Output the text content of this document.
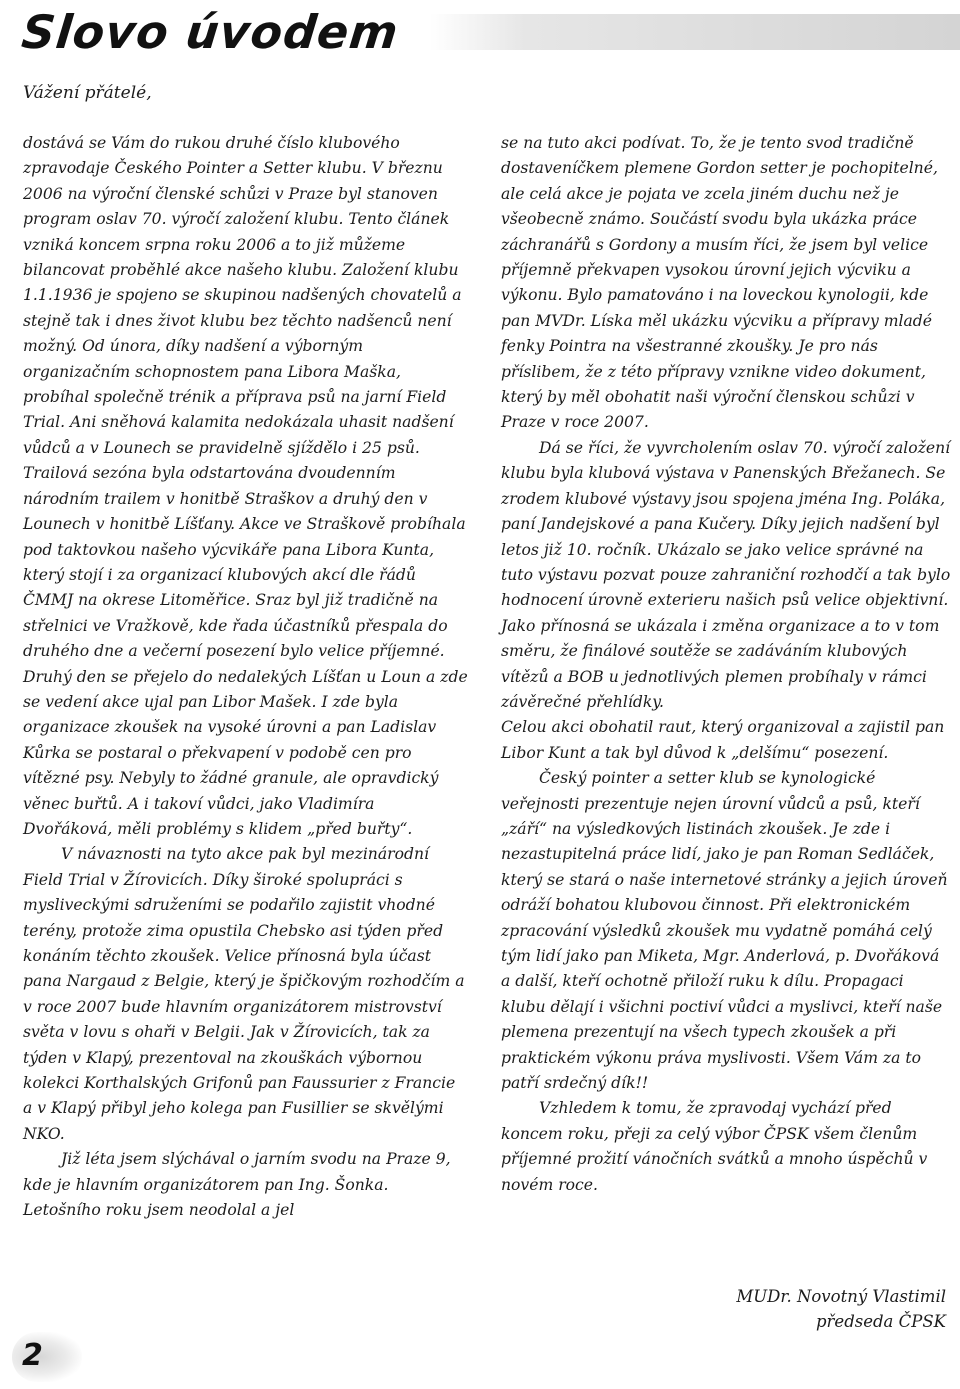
Slovo úvodem

Vážení přátelé,

dostává se Vám do rukou druhé číslo klubového zpravodaje Českého Pointer a Setter klubu. V březnu 2006 na výroční členské schůzi v Praze byl stanoven program oslav 70. výročí založení klubu. Tento článek vzniká koncem srpna roku 2006 a to již můžeme bilancovat proběhlé akce našeho klubu. Založení klubu 1.1.1936 je spojeno se skupinou nadšených chovatelů a stejně tak i dnes život klubu bez těchto nadšenců není možný. Od února, díky nadšení a výborným organizačním schopnostem pana Libora Maška, probíhal společně trénik a příprava psů na jarní Field Trial. Ani sněhová kalamita nedokázala uhasit nadšení vůdců a v Lounech se pravidelně sjíždělo i 25 psů. Trailová sezóna byla odstartována dvoudenním národním trailem v honitbě Straškov a druhý den v Lounech v honitbě Líšťany. Akce ve Straškově probíhala pod taktovkou našeho výcvikáře pana Libora Kunta, který stojí i za organizací klubových akcí dle řádů ČMMJ na okrese Litoměřice. Sraz byl již tradičně na střelnici ve Vražkově, kde řada účastníků přespala do druhého dne a večerní posezení bylo velice příjemné. Druhý den se přejelo do nedalekých Líšťan u Loun a zde se vedení akce ujal pan Libor Mašek. I zde byla organizace zkoušek na vysoké úrovni a pan Ladislav Kůrka se postaral o překvapení v podobě cen pro vítězné psy. Nebyly to žádné granule, ale opravdický věnec buřtů. A i takoví vůdci, jako Vladimíra Dvořáková, měli problémy s klidem „před buřty“.

V návaznosti na tyto akce pak byl mezinárodní Field Trial v Žírovicích. Díky široké spolupráci s mysliveckými sdruženími se podařilo zajistit vhodné terény, protože zima opustila Chebsko asi týden před konáním těchto zkoušek. Velice přínosná byla účast pana Nargaud z Belgie, který je špičkovým rozhodčím a v roce 2007 bude hlavním organizátorem mistrovství světa v lovu s ohaři v Belgii. Jak v Žírovicích, tak za týden v Klapý, prezentoval na zkouškách výbornou kolekci Korthalských Grifonů pan Faussurier z Francie a v Klapý přibyl jeho kolega pan Fusillier se skvělými NKO.

Již léta jsem slýchával o jarním svodu na Praze 9, kde je hlavním organizátorem pan Ing. Šonka. Letošního roku jsem neodolal a jel

se na tuto akci podívat. To, že je tento svod tradičně dostaveníčkem plemene Gordon setter je pochopitelné, ale celá akce je pojata ve zcela jiném duchu než je všeobecně známo. Součástí svodu byla ukázka práce záchranářů s Gordony a musím říci, že jsem byl velice příjemně překvapen vysokou úrovní jejich výcviku a výkonu. Bylo pamatováno i na loveckou kynologii, kde pan MVDr. Líska měl ukázku výcviku a přípravy mladé fenky Pointra na všestranné zkoušky. Je pro nás příslibem, že z této přípravy vznikne video dokument, který by měl obohatit naši výroční členskou schůzi v Praze v roce 2007.

Dá se říci, že vyvrcholením oslav 70. výročí založení klubu byla klubová výstava v Panenských Břežanech. Se zrodem klubové výstavy jsou spojena jména Ing. Poláka, paní Jandejskové a pana Kučery. Díky jejich nadšení byl letos již 10. ročník. Ukázalo se jako velice správné na tuto výstavu pozvat pouze zahraniční rozhodčí a tak bylo hodnocení úrovně exterieru našich psů velice objektivní. Jako přínosná se ukázala i změna organizace a to v tom směru, že finálové soutěže se zadáváním klubových vítězů a BOB u jednotlivých plemen probíhaly v rámci závěrečné přehlídky.

Celou akci obohatil raut, který organizoval a zajistil pan Libor Kunt a tak byl důvod k „delšímu“ posezení.

Český pointer a setter klub se kynologické veřejnosti prezentuje nejen úrovní vůdců a psů, kteří „září“ na výsledkových listinách zkoušek. Je zde i nezastupitelná práce lidí, jako je pan Roman Sedláček, který se stará o naše internetové stránky a jejich úroveň odráží bohatou klubovou činnost. Při elektronickém zpracování výsledků zkoušek mu vydatně pomáhá celý tým lidí jako pan Miketa, Mgr. Anderlová, p. Dvořáková a další, kteří ochotně přiloží ruku k dílu. Propagaci klubu dělají i všichni poctiví vůdci a myslivci, kteří naše plemena prezentují na všech typech zkoušek a při praktickém výkonu práva myslivosti. Všem Vám za to patří srdečný dík!!

Vzhledem k tomu, že zpravodaj vychází před koncem roku, přeji za celý výbor ČPSK všem členům příjemné prožití vánočních svátků a mnoho úspěchů v novém roce.

MUDr. Novotný Vlastimil
předseda ČPSK
2
